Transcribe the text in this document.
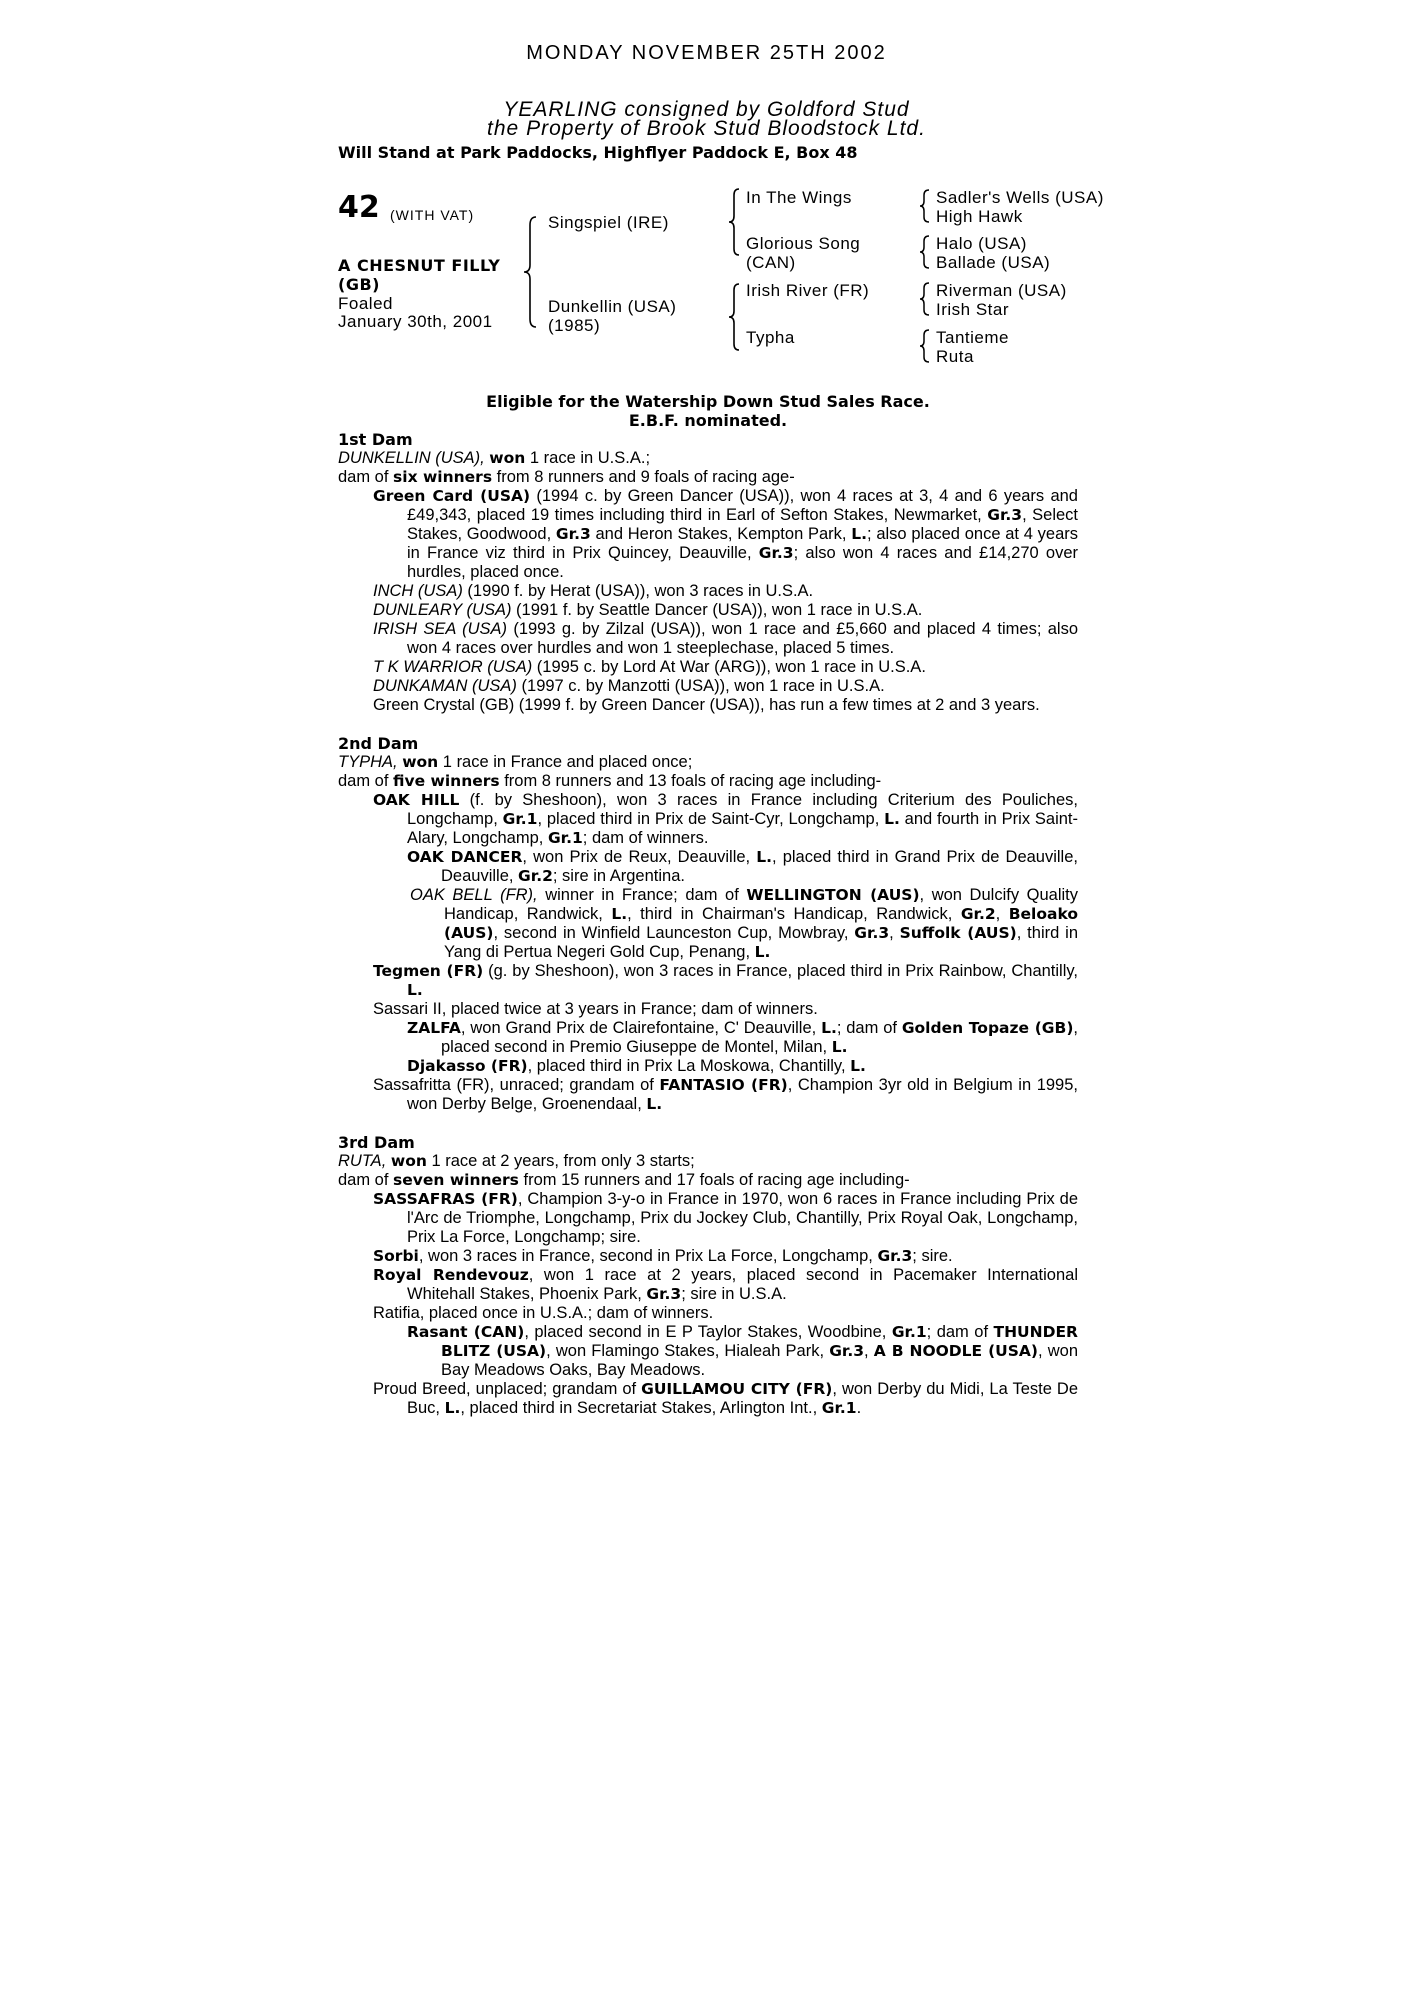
MONDAY NOVEMBER 25TH 2002
YEARLING consigned by Goldford Stud
the Property of Brook Stud Bloodstock Ltd.
Will Stand at Park Paddocks, Highflyer Paddock E, Box 48
42 (WITH VAT)
A CHESNUT FILLY
(GB)
Foaled
January 30th, 2001
Singspiel (IRE)
Dunkellin (USA)
(1985)
In The Wings
Glorious Song
(CAN)
Irish River (FR)
Typha
Sadler's Wells (USA)
High Hawk
Halo (USA)
Ballade (USA)
Riverman (USA)
Irish Star
Tantieme
Ruta
Eligible for the Watership Down Stud Sales Race.
E.B.F. nominated.

1st Dam

DUNKELLIN (USA), won 1 race in U.S.A.;

dam of six winners from 8 runners and 9 foals of racing age-

Green Card (USA) (1994 c. by Green Dancer (USA)), won 4 races at 3, 4 and 6 years and £49,343, placed 19 times including third in Earl of Sefton Stakes, Newmarket, Gr.3, Select Stakes, Goodwood, Gr.3 and Heron Stakes, Kempton Park, L.; also placed once at 4 years in France viz third in Prix Quincey, Deauville, Gr.3; also won 4 races and £14,270 over hurdles, placed once.

INCH (USA) (1990 f. by Herat (USA)), won 3 races in U.S.A.

DUNLEARY (USA) (1991 f. by Seattle Dancer (USA)), won 1 race in U.S.A.

IRISH SEA (USA) (1993 g. by Zilzal (USA)), won 1 race and £5,660 and placed 4 times; also won 4 races over hurdles and won 1 steeplechase, placed 5 times.

T K WARRIOR (USA) (1995 c. by Lord At War (ARG)), won 1 race in U.S.A.

DUNKAMAN (USA) (1997 c. by Manzotti (USA)), won 1 race in U.S.A.

Green Crystal (GB) (1999 f. by Green Dancer (USA)), has run a few times at 2 and 3 years.

2nd Dam

TYPHA, won 1 race in France and placed once;

dam of five winners from 8 runners and 13 foals of racing age including-

OAK HILL (f. by Sheshoon), won 3 races in France including Criterium des Pouliches, Longchamp, Gr.1, placed third in Prix de Saint-Cyr, Longchamp, L. and fourth in Prix Saint-Alary, Longchamp, Gr.1; dam of winners.

OAK DANCER, won Prix de Reux, Deauville, L., placed third in Grand Prix de Deauville, Deauville, Gr.2; sire in Argentina.

OAK BELL (FR), winner in France; dam of WELLINGTON (AUS), won Dulcify Quality Handicap, Randwick, L., third in Chairman's Handicap, Randwick, Gr.2, Beloako (AUS), second in Winfield Launceston Cup, Mowbray, Gr.3, Suffolk (AUS), third in Yang di Pertua Negeri Gold Cup, Penang, L.

Tegmen (FR) (g. by Sheshoon), won 3 races in France, placed third in Prix Rainbow, Chantilly, L.

Sassari II, placed twice at 3 years in France; dam of winners.

ZALFA, won Grand Prix de Clairefontaine, C' Deauville, L.; dam of Golden Topaze (GB), placed second in Premio Giuseppe de Montel, Milan, L.

Djakasso (FR), placed third in Prix La Moskowa, Chantilly, L.

Sassafritta (FR), unraced; grandam of FANTASIO (FR), Champion 3yr old in Belgium in 1995, won Derby Belge, Groenendaal, L.

3rd Dam

RUTA, won 1 race at 2 years, from only 3 starts;

dam of seven winners from 15 runners and 17 foals of racing age including-

SASSAFRAS (FR), Champion 3-y-o in France in 1970, won 6 races in France including Prix de l'Arc de Triomphe, Longchamp, Prix du Jockey Club, Chantilly, Prix Royal Oak, Longchamp, Prix La Force, Longchamp; sire.

Sorbi, won 3 races in France, second in Prix La Force, Longchamp, Gr.3; sire.

Royal Rendevouz, won 1 race at 2 years, placed second in Pacemaker International Whitehall Stakes, Phoenix Park, Gr.3; sire in U.S.A.

Ratifia, placed once in U.S.A.; dam of winners.

Rasant (CAN), placed second in E P Taylor Stakes, Woodbine, Gr.1; dam of THUNDER BLITZ (USA), won Flamingo Stakes, Hialeah Park, Gr.3, A B NOODLE (USA), won Bay Meadows Oaks, Bay Meadows.

Proud Breed, unplaced; grandam of GUILLAMOU CITY (FR), won Derby du Midi, La Teste De Buc, L., placed third in Secretariat Stakes, Arlington Int., Gr.1.
